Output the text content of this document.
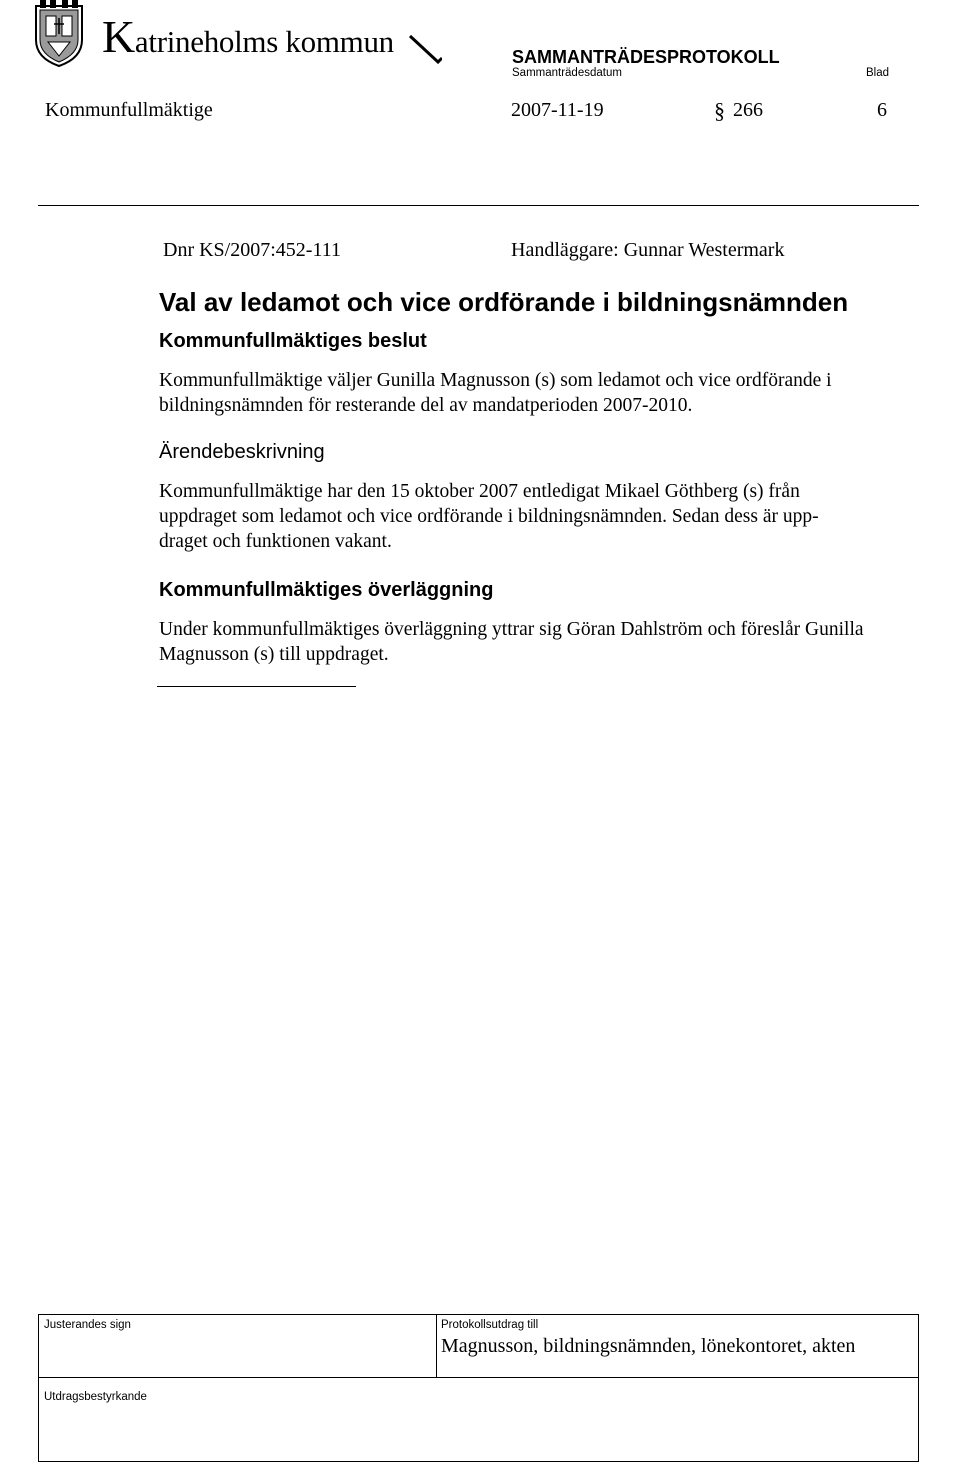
Katrineholms kommun	SAMMANTRÄDESPROTOKOLL
Sammanträdesdatum	Blad
Kommunfullmäktige	2007-11-19	§ 266	6
Dnr KS/2007:452-111	Handläggare: Gunnar Westermark
Val av ledamot och vice ordförande i bildningsnämnden
Kommunfullmäktiges beslut
Kommunfullmäktige väljer Gunilla Magnusson (s) som ledamot och vice ordförande i bildningsnämnden för resterande del av mandatperioden 2007-2010.
Ärendebeskrivning
Kommunfullmäktige har den 15 oktober 2007 entledigat Mikael Göthberg (s) från
uppdraget som ledamot och vice ordförande i bildningsnämnden. Sedan dess är upp-
draget och funktionen vakant.
Kommunfullmäktiges överläggning
Under kommunfullmäktiges överläggning yttrar sig Göran Dahlström och föreslår Gunilla Magnusson (s) till uppdraget.
Justerandes sign	Protokollsutdrag till
Magnusson, bildningsnämnden, lönekontoret, akten
Utdragsbestyrkande
